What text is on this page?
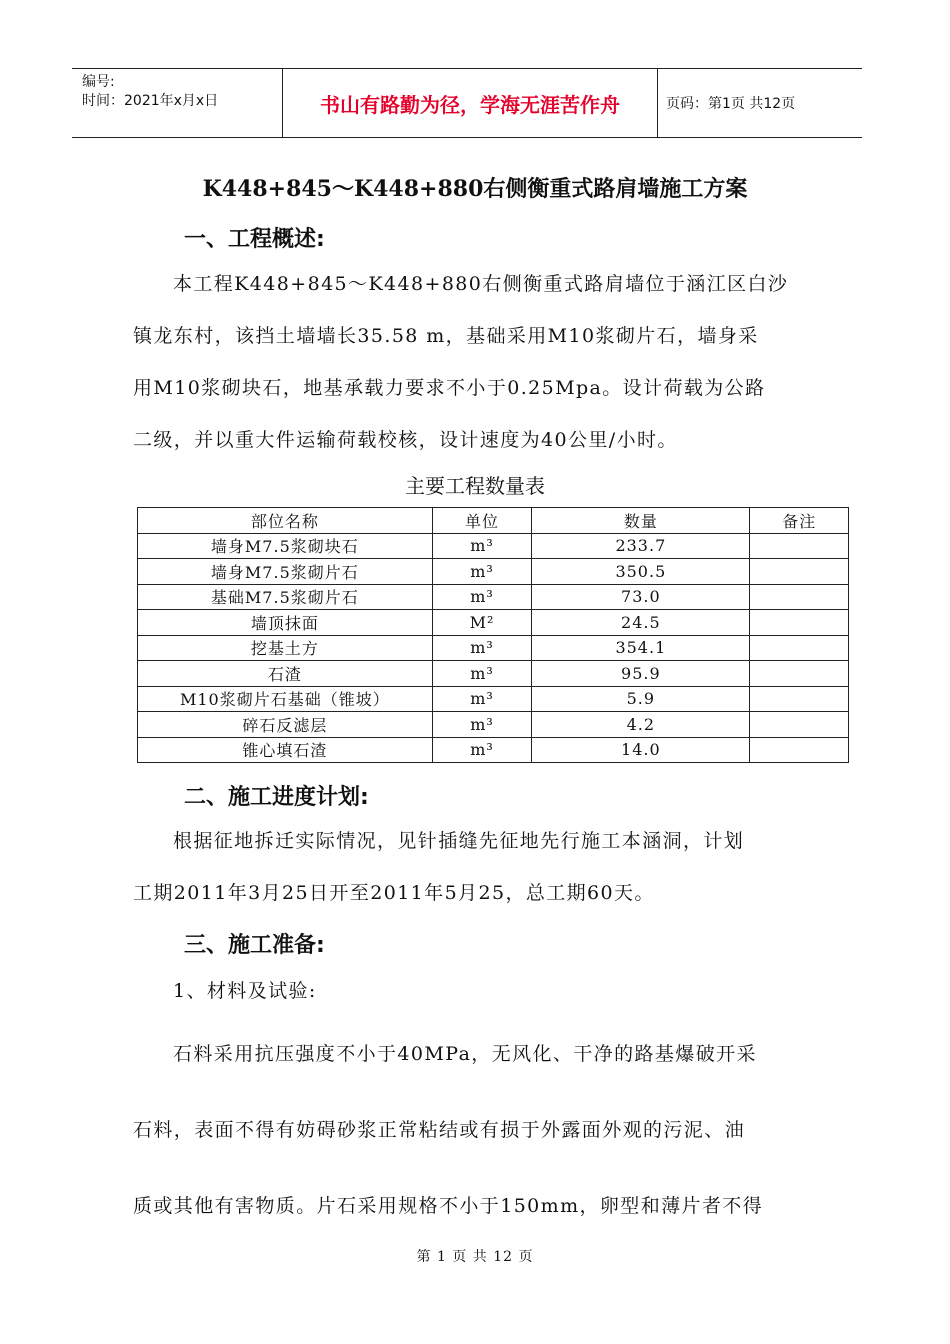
编号:
时间：2021年x月x日	书山有路勤为径，学海无涯苦作舟	页码：第1页 共12页
K448+845～K448+880右侧衡重式路肩墙施工方案
一、工程概述:
本工程K448+845～K448+880右侧衡重式路肩墙位于涵江区白沙
镇龙东村，该挡土墙墙长35.58 m，基础采用M10浆砌片石，墙身采
用M10浆砌块石，地基承载力要求不小于0.25Mpa。设计荷载为公路
二级，并以重大件运输荷载校核，设计速度为40公里/小时。
主要工程数量表
部位名称	单位	数量	备注
墙身M7.5浆砌块石	m³	233.7	
墙身M7.5浆砌片石	m³	350.5	
基础M7.5浆砌片石	m³	73.0	
墙顶抹面	M²	24.5	
挖基土方	m³	354.1	
石渣	m³	95.9	
M10浆砌片石基础（锥坡）	m³	5.9	
碎石反滤层	m³	4.2	
锥心填石渣	m³	14.0	
二、施工进度计划:
根据征地拆迁实际情况，见针插缝先征地先行施工本涵洞，计划
工期2011年3月25日开至2011年5月25，总工期60天。
三、施工准备:
1、材料及试验:
石料采用抗压强度不小于40MPa，无风化、干净的路基爆破开采
石料，表面不得有妨碍砂浆正常粘结或有损于外露面外观的污泥、油
质或其他有害物质。片石采用规格不小于150mm，卵型和薄片者不得
第 1 页 共 12 页
